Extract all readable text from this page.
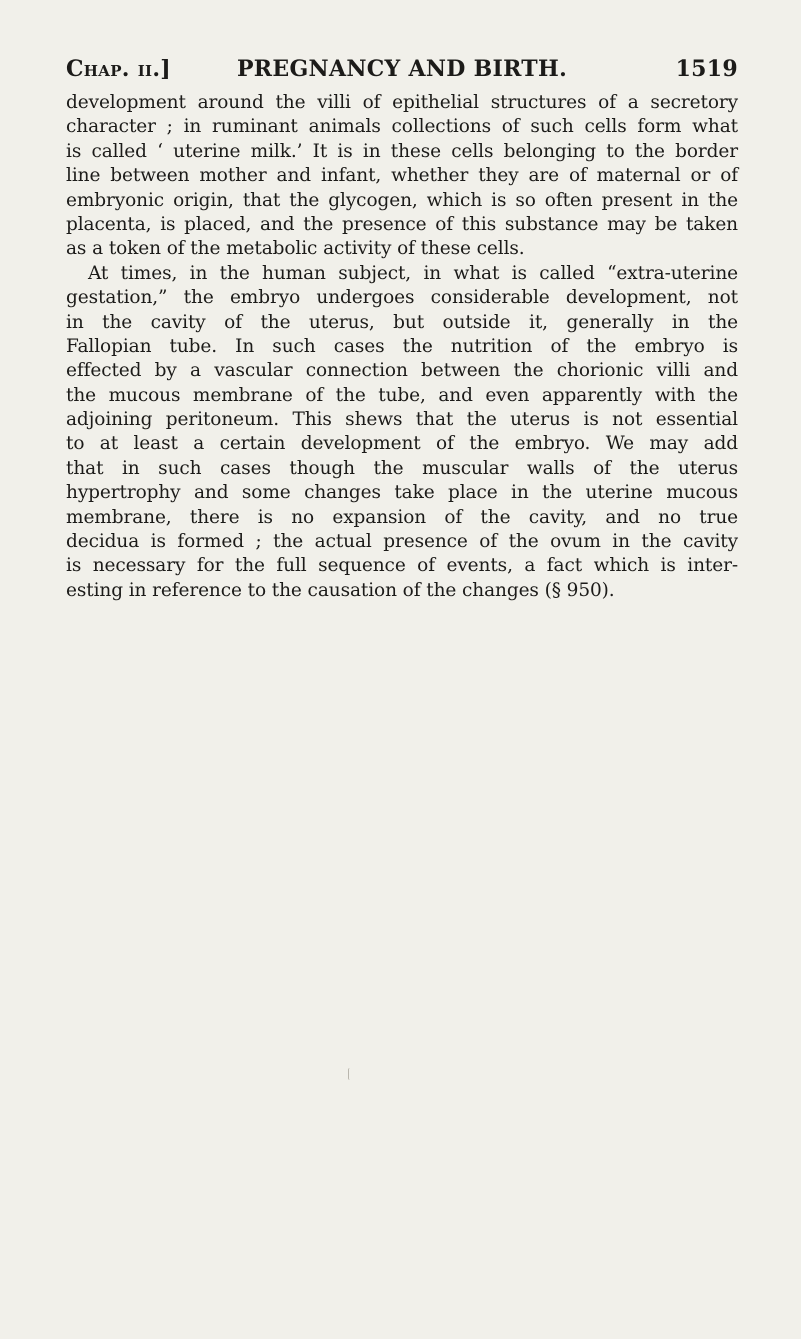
Chap. ii.]	PREGNANCY AND BIRTH.	1519
development around the villi of epithelial structures of a secretory
character ; in ruminant animals collections of such cells form what
is called ‘ uterine milk.’ It is in these cells belonging to the border
line between mother and infant, whether they are of maternal or of
embryonic origin, that the glycogen, which is so often present in the
placenta, is placed, and the presence of this substance may be taken
as a token of the metabolic activity of these cells.
At times, in the human subject, in what is called “extra-uterine
gestation,” the embryo undergoes considerable development, not
in the cavity of the uterus, but outside it, generally in the
Fallopian tube. In such cases the nutrition of the embryo is
effected by a vascular connection between the chorionic villi and
the mucous membrane of the tube, and even apparently with the
adjoining peritoneum. This shews that the uterus is not essential
to at least a certain development of the embryo. We may add
that in such cases though the muscular walls of the uterus
hypertrophy and some changes take place in the uterine mucous
membrane, there is no expansion of the cavity, and no true
decidua is formed ; the actual presence of the ovum in the cavity
is necessary for the full sequence of events, a fact which is inter-
esting in reference to the causation of the changes (§ 950).
